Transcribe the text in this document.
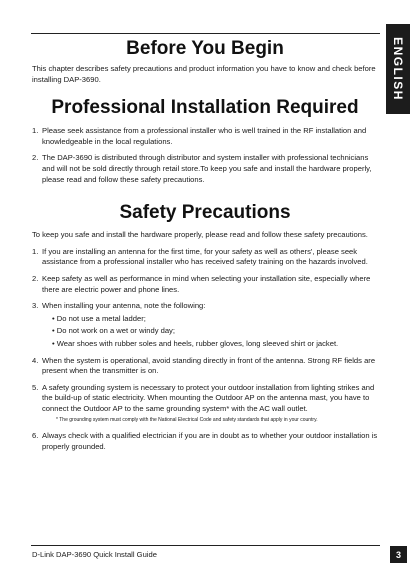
ENGLISH
Before You Begin

This chapter describes safety precautions and product information you have to know and check before installing DAP-3690.

Professional Installation Required
1. Please seek assistance from a professional installer who is well trained in the RF installation and knowledgeable in the local regulations.
2. The DAP-3690 is distributed through distributor and system installer with professional technicians and will not be sold directly through retail store.To keep you safe and install the hardware properly, please read and follow these safety precautions.
Safety Precautions

To keep you safe and install the hardware properly, please read and follow these safety precautions.

1. If you are installing an antenna for the first time, for your safety as well as others', please seek assistance from a professional installer who has received safety training on the hazards involved.
2. Keep safety as well as performance in mind when selecting your installation site, especially where there are electric power and phone lines.
3. When installing your antenna, note the following:
• Do not use a metal ladder;
• Do not work on a wet or windy day;
• Wear shoes with rubber soles and heels, rubber gloves, long sleeved shirt or jacket.
4. When the system is operational, avoid standing directly in front of the antenna. Strong RF fields are present when the transmitter is on.
5. A safety grounding system is necessary to protect your outdoor installation from lighting strikes and the build-up of static electricity. When mounting the Outdoor AP on the antenna mast, you have to connect the Outdoor AP to the same grounding system* with the AC wall outlet.
* The grounding system must comply with the National Electrical Code and safety standards that apply in your country.
6. Always check with a qualified electrician if you are in doubt as to whether your outdoor installation is properly grounded.
D-Link DAP-3690 Quick Install Guide	3
